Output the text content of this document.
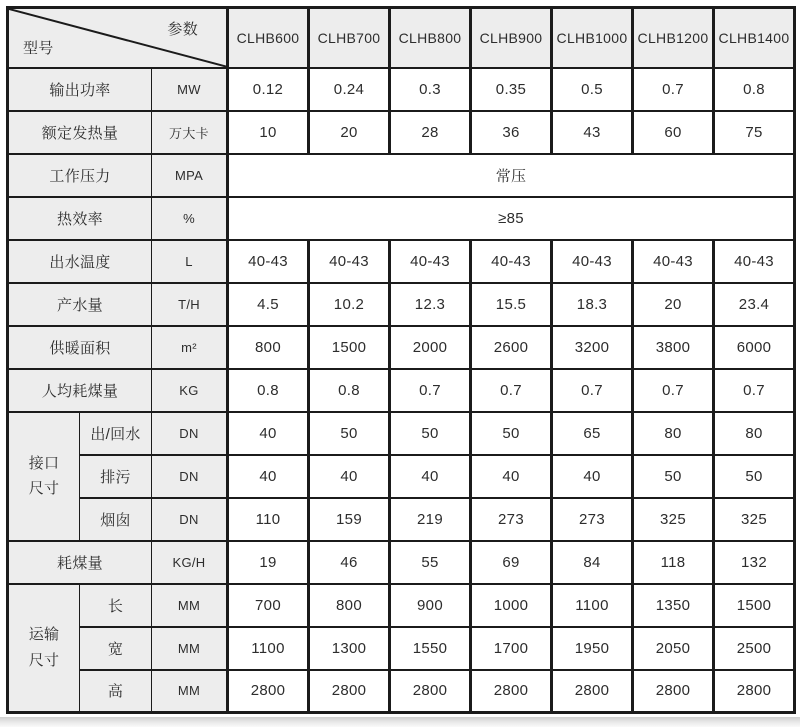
参数
型号			CLHB600	CLHB700	CLHB800	CLHB900	CLHB1000	CLHB1200	CLHB1400
输出功率		MW	0.12	0.24	0.3	0.35	0.5	0.7	0.8
额定发热量		万大卡	10	20	28	36	43	60	75
工作压力		MPA	常压						
热效率		%	≥85						
出水温度		L	40-43	40-43	40-43	40-43	40-43	40-43	40-43
产水量		T/H	4.5	10.2	12.3	15.5	18.3	20	23.4
供暖面积		m²	800	1500	2000	2600	3200	3800	6000
人均耗煤量		KG	0.8	0.8	0.7	0.7	0.7	0.7	0.7

接口
尺寸	出/回水	DN	40	50	50	50	65	80	80
	排污	DN	40	40	40	40	40	50	50
	烟囱	DN	110	159	219	273	273	325	325
耗煤量		KG/H	19	46	55	69	84	118	132

运输
尺寸	长	MM	700	800	900	1000	1100	1350	1500
	宽	MM	1100	1300	1550	1700	1950	2050	2500
	高	MM	2800	2800	2800	2800	2800	2800	2800
